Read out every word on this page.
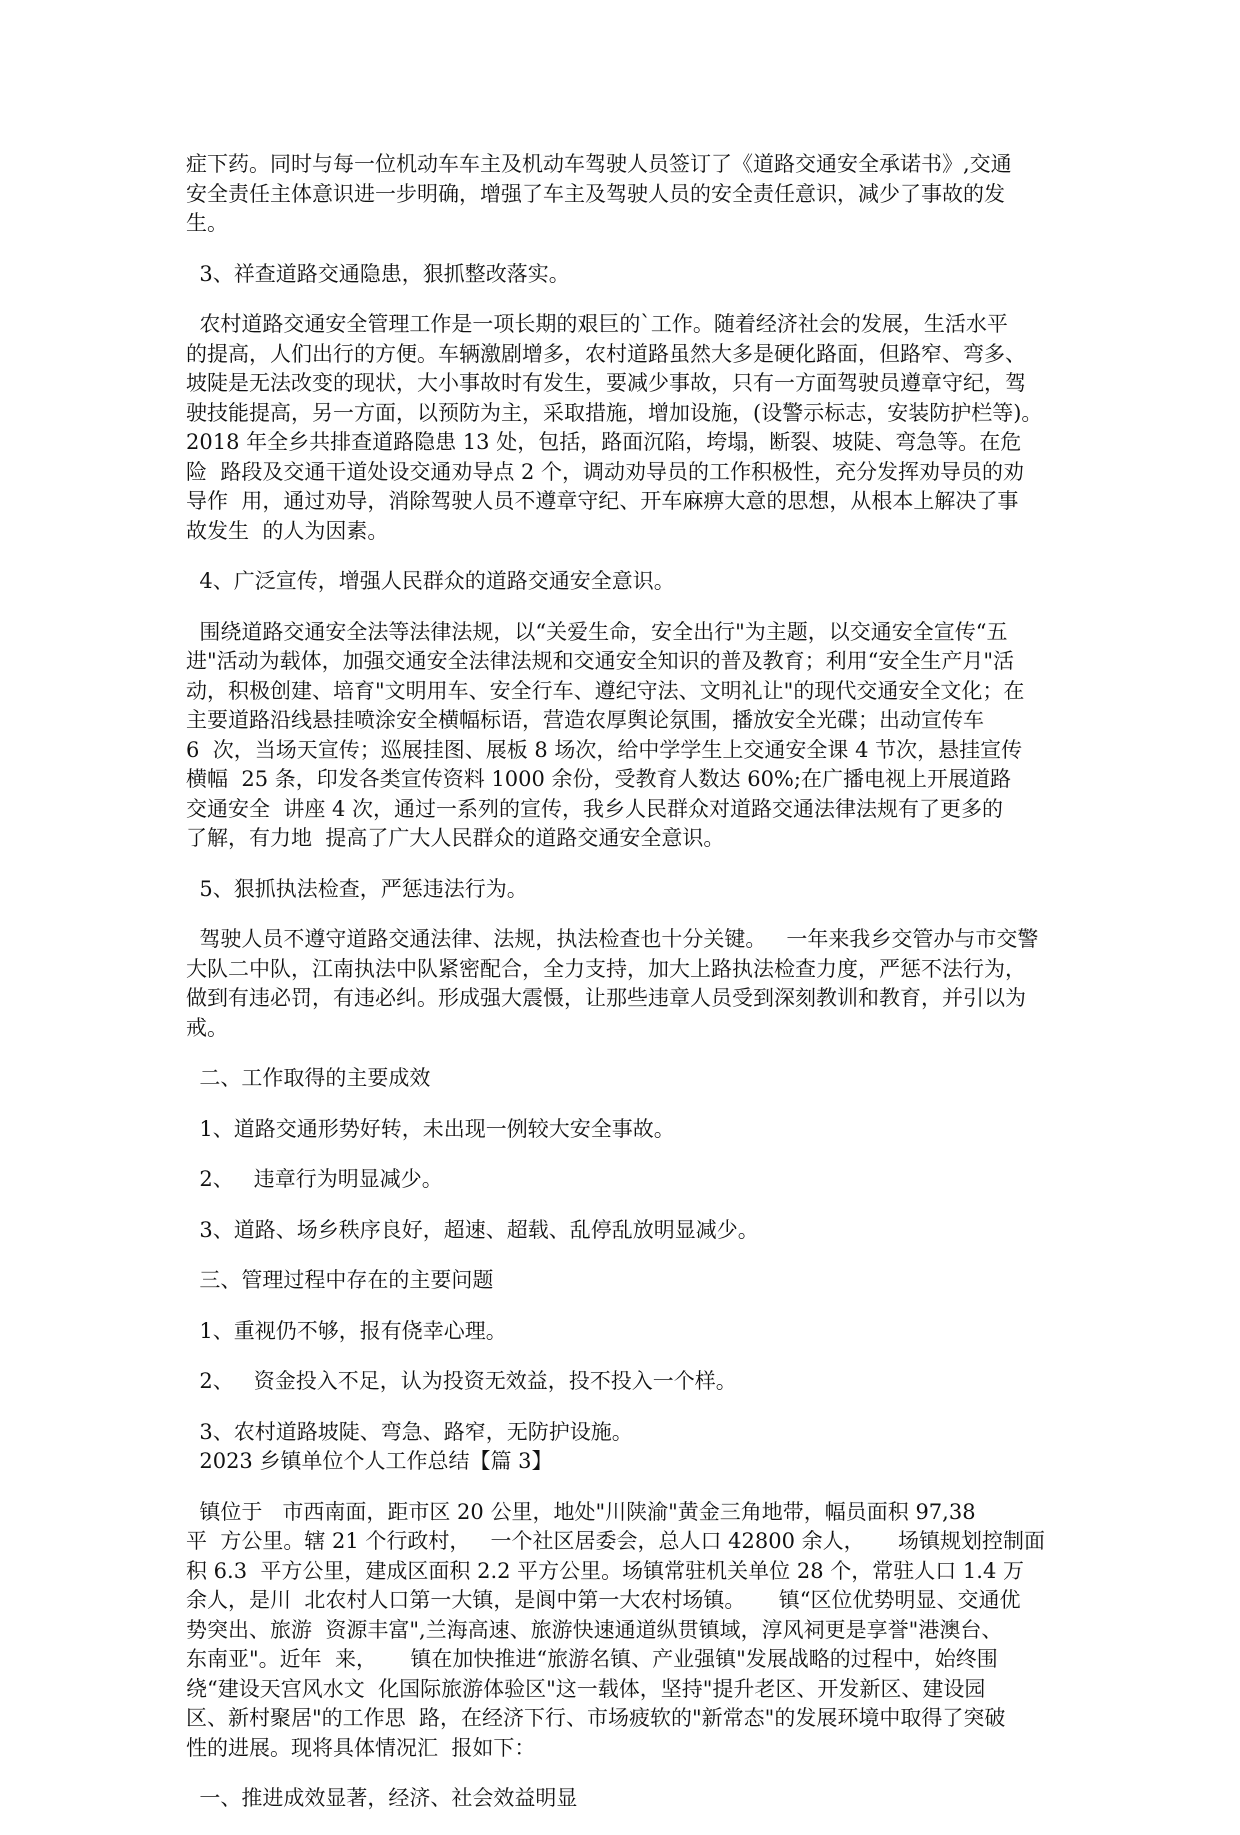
症下药。同时与每一位机动车车主及机动车驾驶人员签订了《道路交通安全承诺书》,交通
安全责任主体意识进一步明确，增强了车主及驾驶人员的安全责任意识，减少了事故的发
生。
3、祥查道路交通隐患，狠抓整改落实。
农村道路交通安全管理工作是一项长期的艰巨的`工作。随着经济社会的发展，生活水平
的提高，人们出行的方便。车辆激剧增多，农村道路虽然大多是硬化路面，但路窄、弯多、
坡陡是无法改变的现状，大小事故时有发生，要减少事故，只有一方面驾驶员遵章守纪，驾
驶技能提高，另一方面，以预防为主，采取措施，增加设施，(设警示标志，安装防护栏等)。
2018 年全乡共排查道路隐患 13 处，包括，路面沉陷，垮塌，断裂、坡陡、弯急等。在危
险  路段及交通干道处设交通劝导点 2 个，调动劝导员的工作积极性，充分发挥劝导员的劝
导作  用，通过劝导，消除驾驶人员不遵章守纪、开车麻痹大意的思想，从根本上解决了事
故发生  的人为因素。
4、广泛宣传，增强人民群众的道路交通安全意识。
围绕道路交通安全法等法律法规，以“关爱生命，安全出行"为主题，以交通安全宣传“五
进"活动为载体，加强交通安全法律法规和交通安全知识的普及教育；利用“安全生产月"活
动，积极创建、培育"文明用车、安全行车、遵纪守法、文明礼让"的现代交通安全文化；在
主要道路沿线悬挂喷涂安全横幅标语，营造农厚舆论氛围，播放安全光碟；出动宣传车
6  次，当场天宣传；巡展挂图、展板 8 场次，给中学学生上交通安全课 4 节次，悬挂宣传
横幅  25 条，印发各类宣传资料 1000 余份，受教育人数达 60%;在广播电视上开展道路
交通安全  讲座 4 次，通过一系列的宣传，我乡人民群众对道路交通法律法规有了更多的
了解，有力地  提高了广大人民群众的道路交通安全意识。
5、狠抓执法检查，严惩违法行为。
驾驶人员不遵守道路交通法律、法规，执法检查也十分关键。   一年来我乡交管办与市交警
大队二中队，江南执法中队紧密配合，全力支持，加大上路执法检查力度，严惩不法行为，
做到有违必罚，有违必纠。形成强大震慑，让那些违章人员受到深刻教训和教育，并引以为
戒。
二、工作取得的主要成效
1、道路交通形势好转，未出现一例较大安全事故。
2、   违章行为明显减少。
3、道路、场乡秩序良好，超速、超载、乱停乱放明显减少。
三、管理过程中存在的主要问题
1、重视仍不够，报有侥幸心理。
2、   资金投入不足，认为投资无效益，投不投入一个样。
3、农村道路坡陡、弯急、路窄，无防护设施。
2023 乡镇单位个人工作总结【篇 3】
镇位于   市西南面，距市区 20 公里，地处"川陕渝"黄金三角地带，幅员面积 97,38
平  方公里。辖 21 个行政村，   一个社区居委会，总人口 42800 余人，     场镇规划控制面
积 6.3  平方公里，建成区面积 2.2 平方公里。场镇常驻机关单位 28 个，常驻人口 1.4 万
余人，是川  北农村人口第一大镇，是阆中第一大农村场镇。     镇“区位优势明显、交通优
势突出、旅游  资源丰富",兰海高速、旅游快速通道纵贯镇域，淳风祠更是享誉"港澳台、
东南亚"。近年  来，     镇在加快推进“旅游名镇、产业强镇"发展战略的过程中，始终围
绕“建设天宫风水文  化国际旅游体验区"这一载体，坚持"提升老区、开发新区、建设园
区、新村聚居"的工作思  路，在经济下行、市场疲软的"新常态"的发展环境中取得了突破
性的进展。现将具体情况汇  报如下：
一、推进成效显著，经济、社会效益明显
